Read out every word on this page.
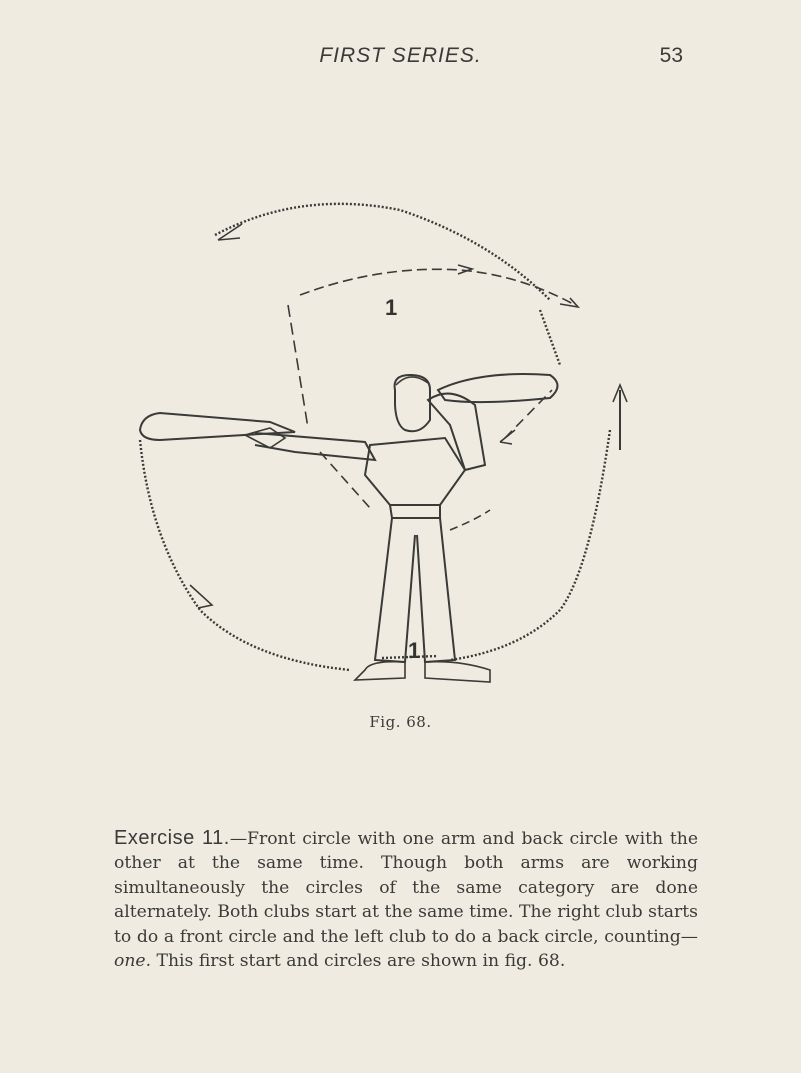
FIRST SERIES.	53
1
1
Fig. 68.
Exercise 11.—Front circle with one arm and back circle with the other at the same time. Though both arms are working simultaneously the circles of the same category are done alternately. Both clubs start at the same time. The right club starts to do a front circle and the left club to do a back circle, counting—one. This first start and circles are shown in fig. 68.
